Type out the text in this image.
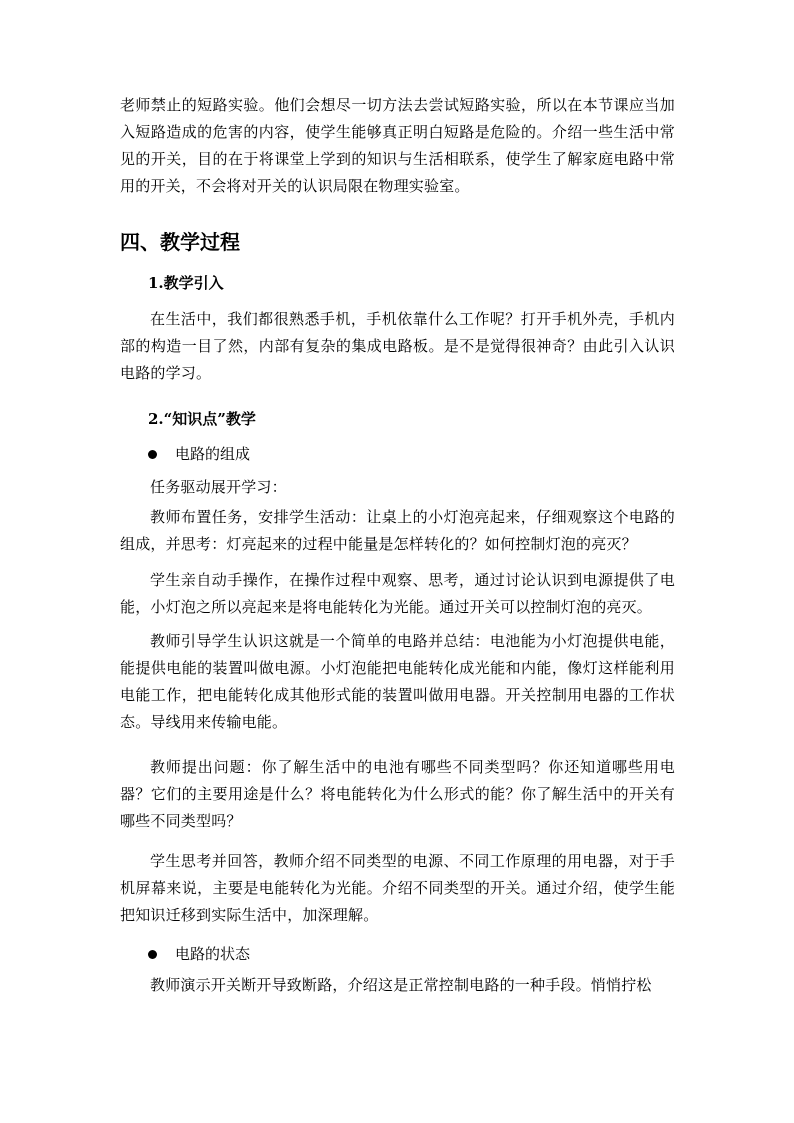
老师禁止的短路实验。他们会想尽一切方法去尝试短路实验，所以在本节课应当加入短路造成的危害的内容，使学生能够真正明白短路是危险的。介绍一些生活中常见的开关，目的在于将课堂上学到的知识与生活相联系，使学生了解家庭电路中常用的开关，不会将对开关的认识局限在物理实验室。

四、教学过程
1.教学引入

在生活中，我们都很熟悉手机，手机依靠什么工作呢？打开手机外壳，手机内部的构造一目了然，内部有复杂的集成电路板。是不是觉得很神奇？由此引入认识电路的学习。

2.“知识点”教学
电路的组成

任务驱动展开学习：

教师布置任务，安排学生活动：让桌上的小灯泡亮起来，仔细观察这个电路的组成，并思考：灯亮起来的过程中能量是怎样转化的？如何控制灯泡的亮灭？

学生亲自动手操作，在操作过程中观察、思考，通过讨论认识到电源提供了电能，小灯泡之所以亮起来是将电能转化为光能。通过开关可以控制灯泡的亮灭。

教师引导学生认识这就是一个简单的电路并总结：电池能为小灯泡提供电能，能提供电能的装置叫做电源。小灯泡能把电能转化成光能和内能，像灯这样能利用电能工作，把电能转化成其他形式能的装置叫做用电器。开关控制用电器的工作状态。导线用来传输电能。

教师提出问题：你了解生活中的电池有哪些不同类型吗？你还知道哪些用电器？它们的主要用途是什么？将电能转化为什么形式的能？你了解生活中的开关有哪些不同类型吗？

学生思考并回答，教师介绍不同类型的电源、不同工作原理的用电器，对于手机屏幕来说，主要是电能转化为光能。介绍不同类型的开关。通过介绍，使学生能把知识迁移到实际生活中，加深理解。

电路的状态

教师演示开关断开导致断路，介绍这是正常控制电路的一种手段。悄悄拧松
